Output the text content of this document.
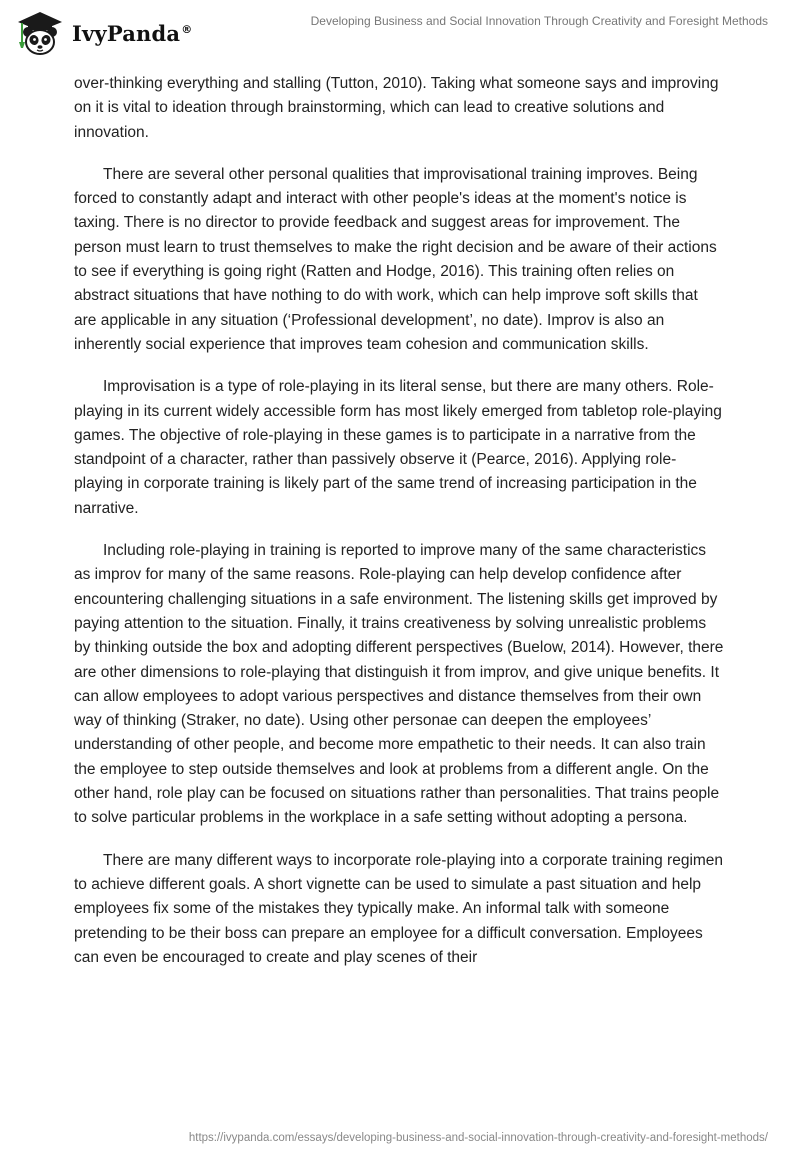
IvyPanda®
Developing Business and Social Innovation Through Creativity and Foresight Methods

over-thinking everything and stalling (Tutton, 2010). Taking what someone says and improving on it is vital to ideation through brainstorming, which can lead to creative solutions and innovation.

There are several other personal qualities that improvisational training improves. Being forced to constantly adapt and interact with other people's ideas at the moment's notice is taxing. There is no director to provide feedback and suggest areas for improvement. The person must learn to trust themselves to make the right decision and be aware of their actions to see if everything is going right (Ratten and Hodge, 2016). This training often relies on abstract situations that have nothing to do with work, which can help improve soft skills that are applicable in any situation (‘Professional development’, no date). Improv is also an inherently social experience that improves team cohesion and communication skills.

Improvisation is a type of role-playing in its literal sense, but there are many others. Role-playing in its current widely accessible form has most likely emerged from tabletop role-playing games. The objective of role-playing in these games is to participate in a narrative from the standpoint of a character, rather than passively observe it (Pearce, 2016). Applying role-playing in corporate training is likely part of the same trend of increasing participation in the narrative.

Including role-playing in training is reported to improve many of the same characteristics as improv for many of the same reasons. Role-playing can help develop confidence after encountering challenging situations in a safe environment. The listening skills get improved by paying attention to the situation. Finally, it trains creativeness by solving unrealistic problems by thinking outside the box and adopting different perspectives (Buelow, 2014). However, there are other dimensions to role-playing that distinguish it from improv, and give unique benefits. It can allow employees to adopt various perspectives and distance themselves from their own way of thinking (Straker, no date). Using other personae can deepen the employees’ understanding of other people, and become more empathetic to their needs. It can also train the employee to step outside themselves and look at problems from a different angle. On the other hand, role play can be focused on situations rather than personalities. That trains people to solve particular problems in the workplace in a safe setting without adopting a persona.

There are many different ways to incorporate role-playing into a corporate training regimen to achieve different goals. A short vignette can be used to simulate a past situation and help employees fix some of the mistakes they typically make. An informal talk with someone pretending to be their boss can prepare an employee for a difficult conversation. Employees can even be encouraged to create and play scenes of their

https://ivypanda.com/essays/developing-business-and-social-innovation-through-creativity-and-foresight-methods/
